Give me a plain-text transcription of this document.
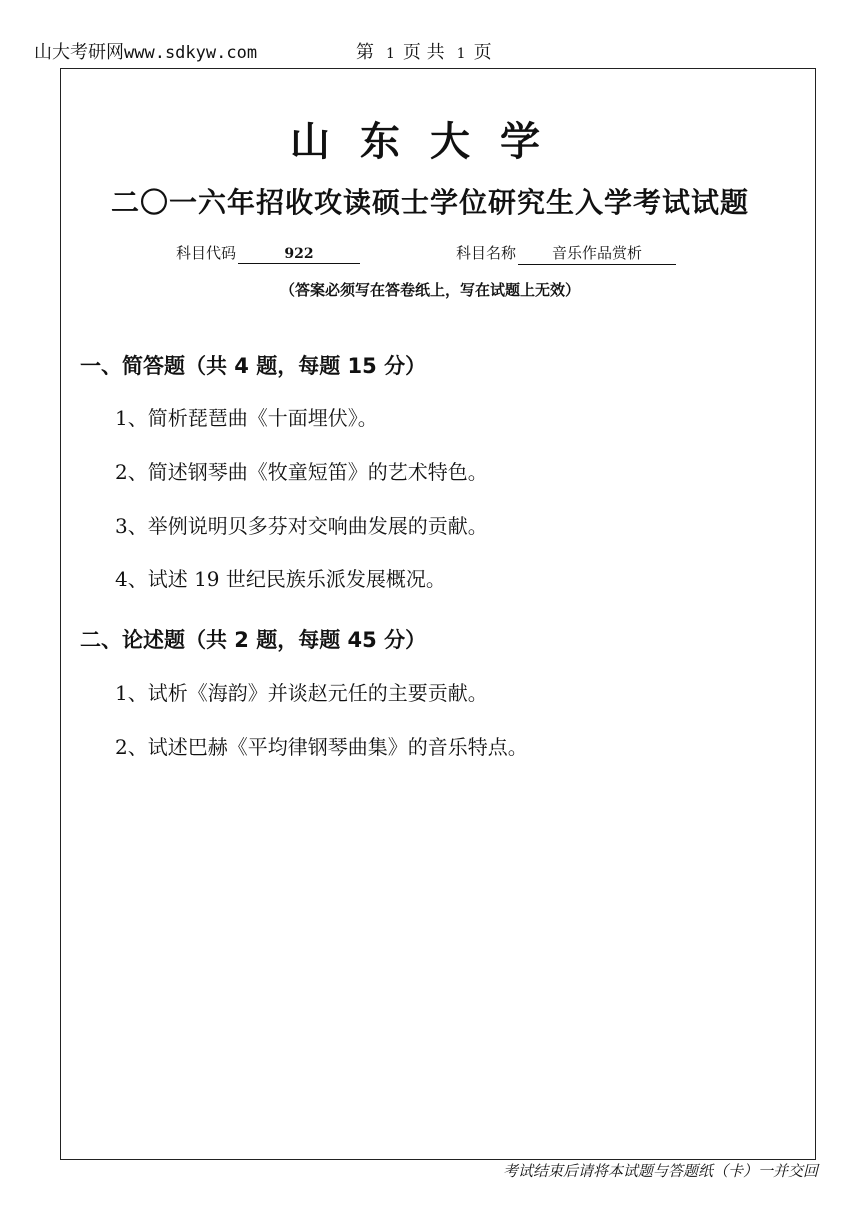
山大考研网www.sdkyw.com	第 1 页 共 1 页
山东大学
二〇一六年招收攻读硕士学位研究生入学考试试题
科目代码	922	科目名称 音乐作品赏析
（答案必须写在答卷纸上，写在试题上无效）
一、简答题（共 4 题，每题 15 分）
1、简析琵琶曲《十面埋伏》。
2、简述钢琴曲《牧童短笛》的艺术特色。
3、举例说明贝多芬对交响曲发展的贡献。
4、试述 19 世纪民族乐派发展概况。
二、论述题（共 2 题，每题 45 分）
1、试析《海韵》并谈赵元任的主要贡献。
2、试述巴赫《平均律钢琴曲集》的音乐特点。
考试结束后请将本试题与答题纸（卡）一并交回
